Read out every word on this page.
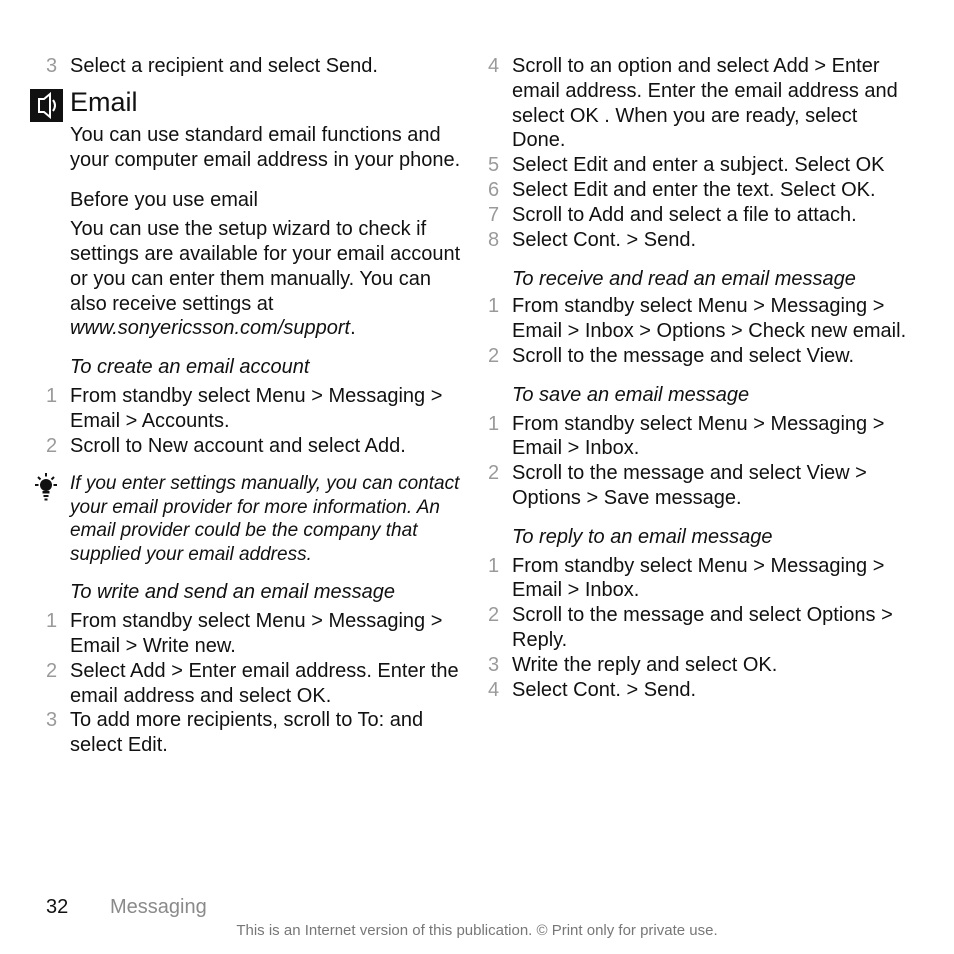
3 Select a recipient and select Send.
Email
You can use standard email functions and your computer email address in your phone.
Before you use email
You can use the setup wizard to check if settings are available for your email account or you can enter them manually. You can also receive settings at www.sonyericsson.com/support.
To create an email account
1 From standby select Menu > Messaging > Email > Accounts.
2 Scroll to New account and select Add.
If you enter settings manually, you can contact your email provider for more information. An email provider could be the company that supplied your email address.
To write and send an email message
1 From standby select Menu > Messaging > Email > Write new.
2 Select Add > Enter email address. Enter the email address and select OK.
3 To add more recipients, scroll to To: and select Edit.
4 Scroll to an option and select Add > Enter email address. Enter the email address and select OK . When you are ready, select Done.
5 Select Edit and enter a subject. Select OK
6 Select Edit and enter the text. Select OK.
7 Scroll to Add and select a file to attach.
8 Select Cont. > Send.
To receive and read an email message
1 From standby select Menu > Messaging > Email > Inbox > Options > Check new email.
2 Scroll to the message and select View.
To save an email message
1 From standby select Menu > Messaging > Email > Inbox.
2 Scroll to the message and select View > Options > Save message.
To reply to an email message
1 From standby select Menu > Messaging > Email > Inbox.
2 Scroll to the message and select Options > Reply.
3 Write the reply and select OK.
4 Select Cont. > Send.
32 Messaging
This is an Internet version of this publication. © Print only for private use.
